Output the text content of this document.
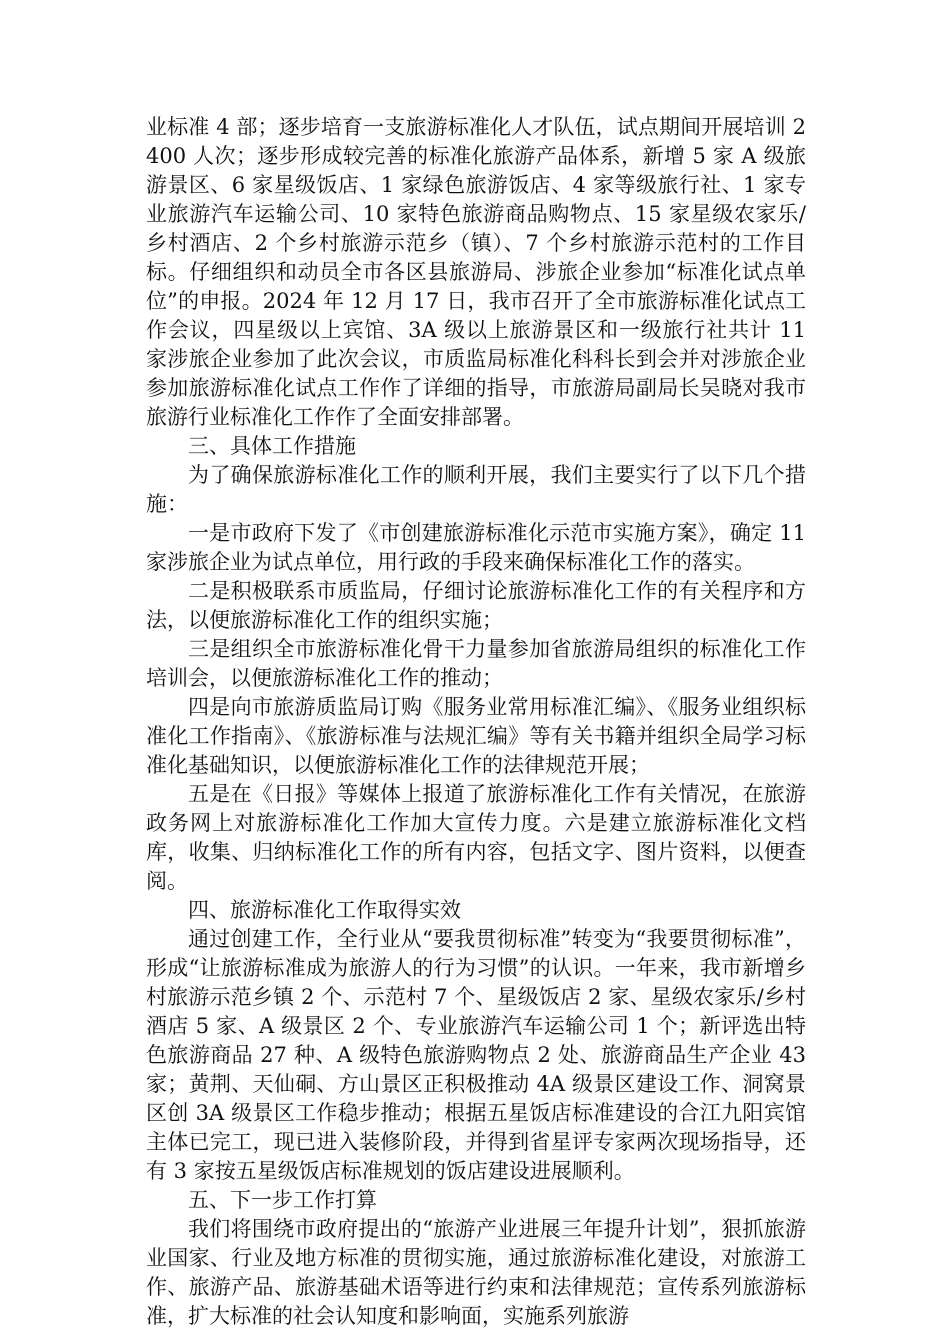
业标准 4 部；逐步培育一支旅游标准化人才队伍，试点期间开展培训 2400 人次；逐步形成较完善的标准化旅游产品体系，新增 5 家 A 级旅游景区、6 家星级饭店、1 家绿色旅游饭店、4 家等级旅行社、1 家专业旅游汽车运输公司、10 家特色旅游商品购物点、15 家星级农家乐/乡村酒店、2 个乡村旅游示范乡（镇）、7 个乡村旅游示范村的工作目标。仔细组织和动员全市各区县旅游局、涉旅企业参加“标准化试点单位”的申报。2024 年 12 月 17 日，我市召开了全市旅游标准化试点工作会议，四星级以上宾馆、3A 级以上旅游景区和一级旅行社共计 11 家涉旅企业参加了此次会议，市质监局标准化科科长到会并对涉旅企业参加旅游标准化试点工作作了详细的指导，市旅游局副局长吴晓对我市旅游行业标准化工作作了全面安排部署。

三、具体工作措施

为了确保旅游标准化工作的顺利开展，我们主要实行了以下几个措施：

一是市政府下发了《市创建旅游标准化示范市实施方案》，确定 11 家涉旅企业为试点单位，用行政的手段来确保标准化工作的落实。

二是积极联系市质监局，仔细讨论旅游标准化工作的有关程序和方法，以便旅游标准化工作的组织实施；

三是组织全市旅游标准化骨干力量参加省旅游局组织的标准化工作培训会，以便旅游标准化工作的推动；

四是向市旅游质监局订购《服务业常用标准汇编》、《服务业组织标准化工作指南》、《旅游标准与法规汇编》等有关书籍并组织全局学习标准化基础知识，以便旅游标准化工作的法律规范开展；

五是在《日报》等媒体上报道了旅游标准化工作有关情况，在旅游政务网上对旅游标准化工作加大宣传力度。六是建立旅游标准化文档库，收集、归纳标准化工作的所有内容，包括文字、图片资料，以便查阅。

四、旅游标准化工作取得实效

通过创建工作，全行业从“要我贯彻标准”转变为“我要贯彻标准”，形成“让旅游标准成为旅游人的行为习惯”的认识。一年来，我市新增乡村旅游示范乡镇 2 个、示范村 7 个、星级饭店 2 家、星级农家乐/乡村酒店 5 家、A 级景区 2 个、专业旅游汽车运输公司 1 个；新评选出特色旅游商品 27 种、A 级特色旅游购物点 2 处、旅游商品生产企业 43 家；黄荆、天仙硐、方山景区正积极推动 4A 级景区建设工作、洞窝景区创 3A 级景区工作稳步推动；根据五星饭店标准建设的合江九阳宾馆主体已完工，现已进入装修阶段，并得到省星评专家两次现场指导，还有 3 家按五星级饭店标准规划的饭店建设进展顺利。

五、下一步工作打算

我们将围绕市政府提出的“旅游产业进展三年提升计划”，狠抓旅游业国家、行业及地方标准的贯彻实施，通过旅游标准化建设，对旅游工作、旅游产品、旅游基础术语等进行约束和法律规范；宣传系列旅游标准，扩大标准的社会认知度和影响面，实施系列旅游
